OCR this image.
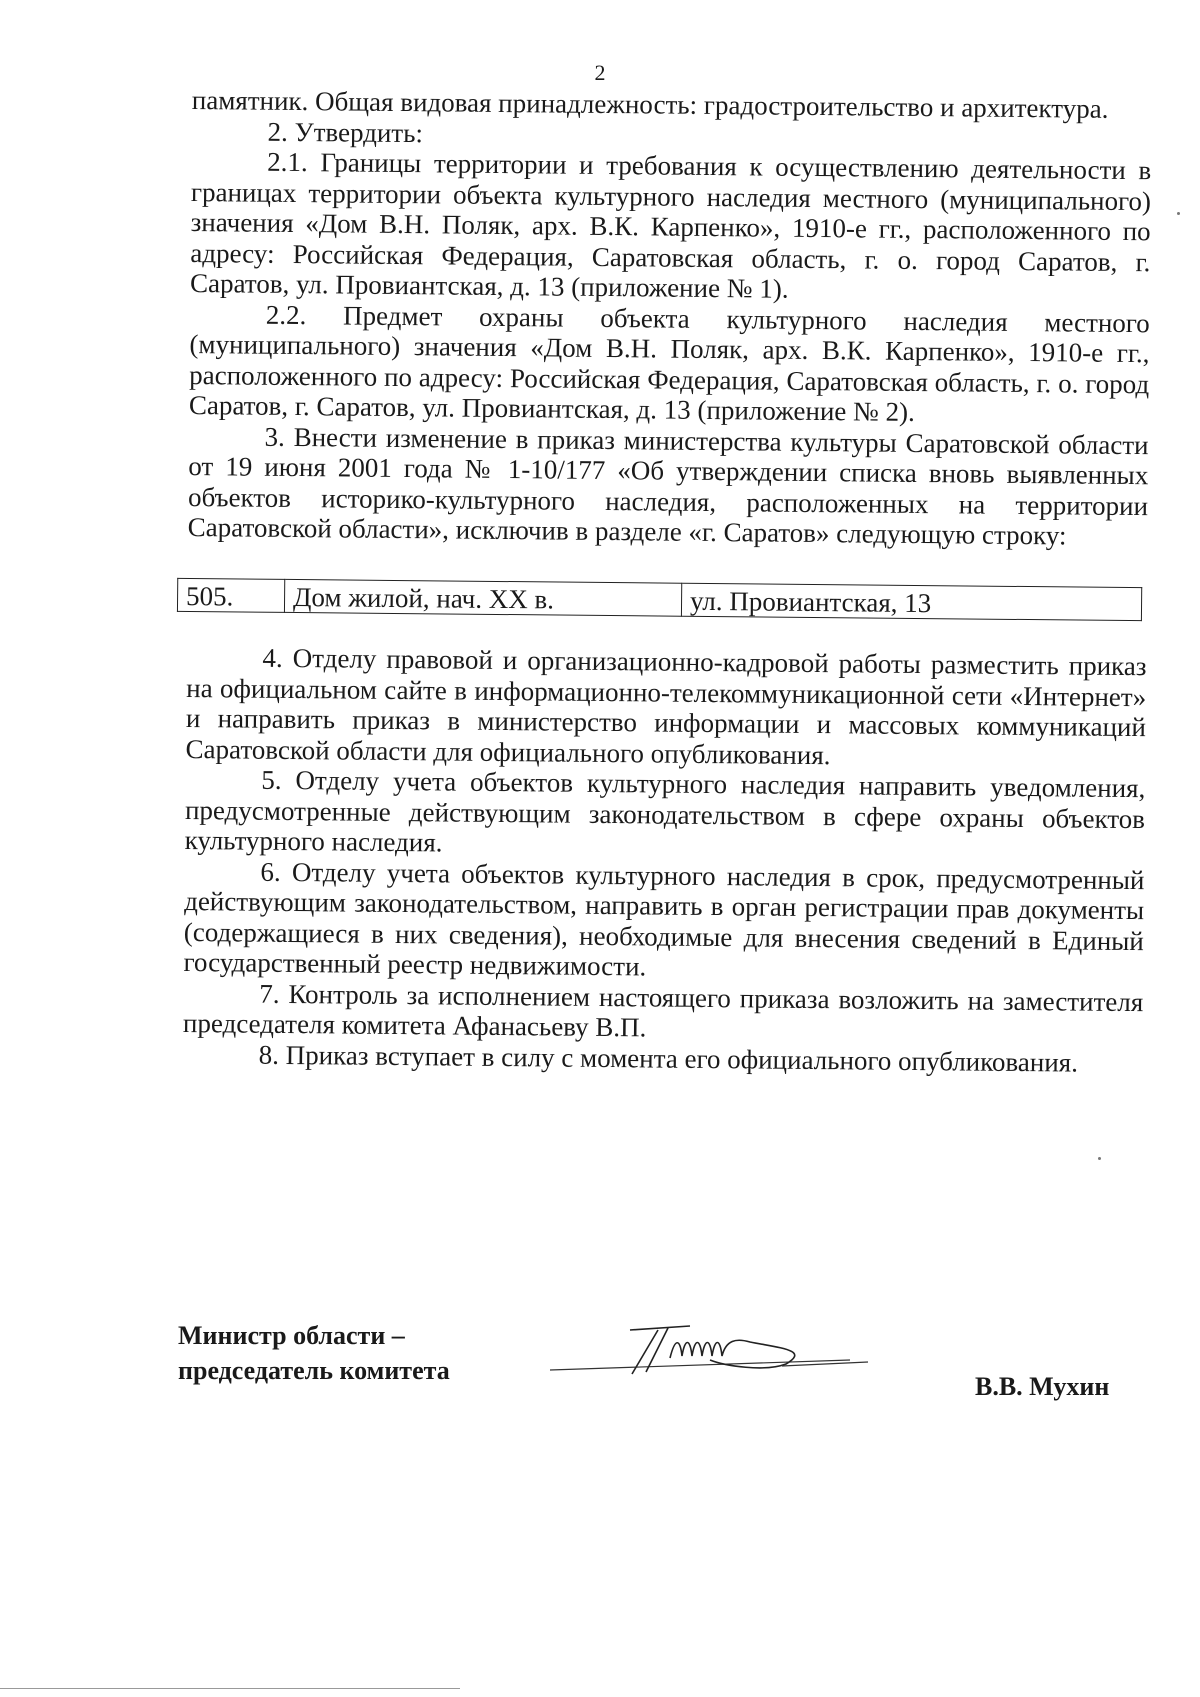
2

памятник. Общая видовая принадлежность: градостроительство и архитектура.

2. Утвердить:

2.1. Границы территории и требования к осуществлению деятельности в границах территории объекта культурного наследия местного (муниципального) значения «Дом В.Н. Поляк, арх. В.К. Карпенко», 1910-е гг., расположенного по адресу: Российская Федерация, Саратовская область, г. о. город Саратов, г. Саратов, ул. Провиантская, д. 13 (приложение № 1).

2.2. Предмет охраны объекта культурного наследия местного (муниципального) значения «Дом В.Н. Поляк, арх. В.К. Карпенко», 1910-е гг., расположенного по адресу: Российская Федерация, Саратовская область, г. о. город Саратов, г. Саратов, ул. Провиантская, д. 13 (приложение № 2).

3. Внести изменение в приказ министерства культуры Саратовской области от 19 июня 2001 года № 1-10/177 «Об утверждении списка вновь выявленных объектов историко-культурного наследия, расположенных на территории Саратовской области», исключив в разделе «г. Саратов» следующую строку:

505.	Дом жилой, нач. XX в.	ул. Провиантская, 13

4. Отделу правовой и организационно-кадровой работы разместить приказ на официальном сайте в информационно-телекоммуникационной сети «Интернет» и направить приказ в министерство информации и массовых коммуникаций Саратовской области для официального опубликования.

5. Отделу учета объектов культурного наследия направить уведомления, предусмотренные действующим законодательством в сфере охраны объектов культурного наследия.

6. Отделу учета объектов культурного наследия в срок, предусмотренный действующим законодательством, направить в орган регистрации прав документы (содержащиеся в них сведения), необходимые для внесения сведений в Единый государственный реестр недвижимости.

7. Контроль за исполнением настоящего приказа возложить на заместителя председателя комитета Афанасьеву В.П.

8. Приказ вступает в силу с момента его официального опубликования.

Министр области –
председатель комитета
В.В. Мухин
